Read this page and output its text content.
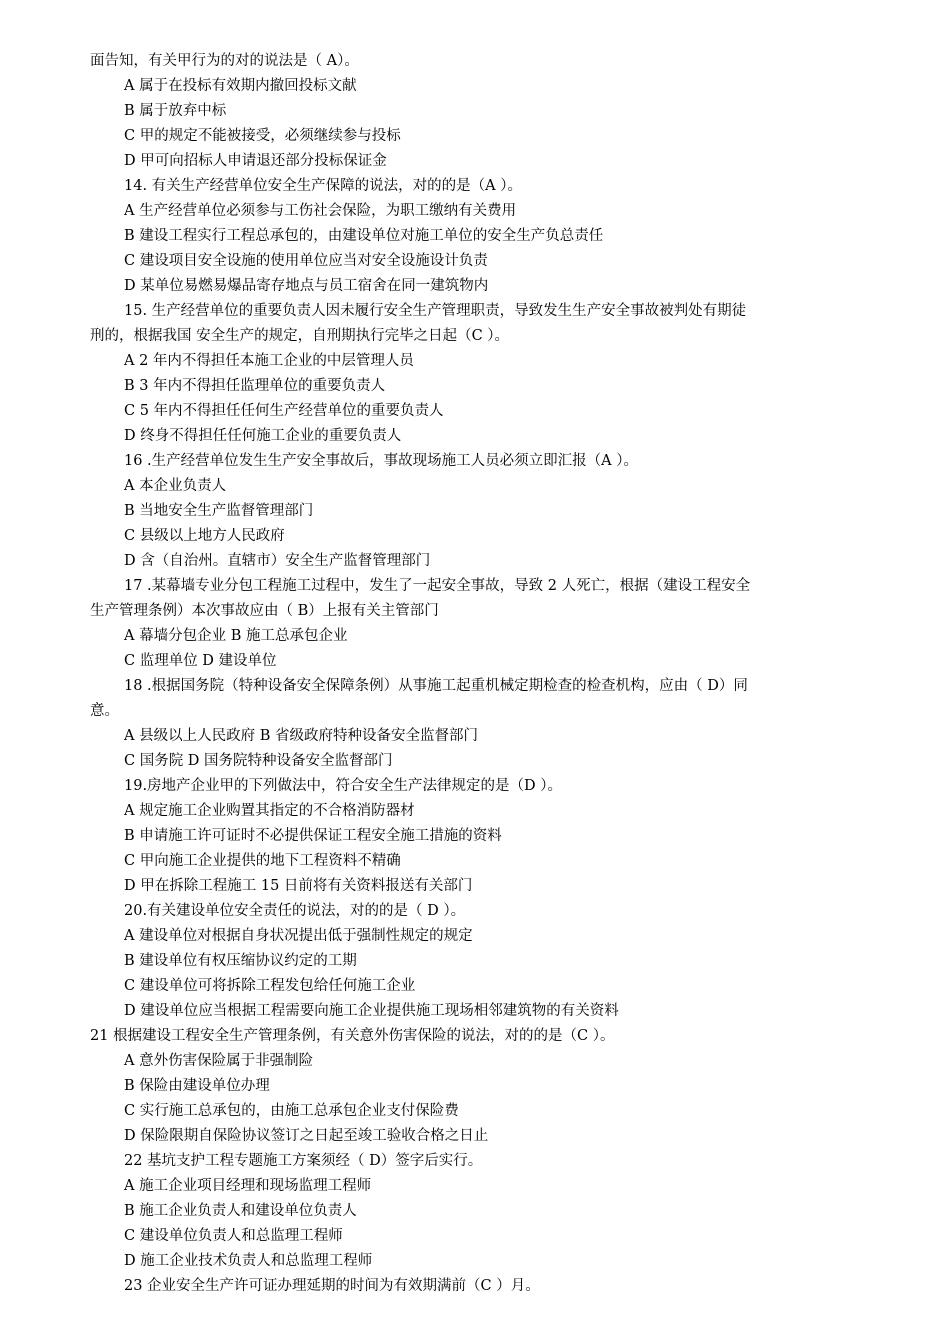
面告知，有关甲行为的对的说法是（ A）。
A 属于在投标有效期内撤回投标文献
B 属于放弃中标
C 甲的规定不能被接受，必须继续参与投标
D 甲可向招标人申请退还部分投标保证金
14. 有关生产经营单位安全生产保障的说法，对的的是（A ）。
A 生产经营单位必须参与工伤社会保险，为职工缴纳有关费用
B 建设工程实行工程总承包的，由建设单位对施工单位的安全生产负总责任
C 建设项目安全设施的使用单位应当对安全设施设计负责
D 某单位易燃易爆品寄存地点与员工宿舍在同一建筑物内
15. 生产经营单位的重要负责人因未履行安全生产管理职责，导致发生生产安全事故被判处有期徒
刑的，根据我国 安全生产的规定，自刑期执行完毕之日起（C ）。
A 2 年内不得担任本施工企业的中层管理人员
B 3 年内不得担任监理单位的重要负责人
C 5 年内不得担任任何生产经营单位的重要负责人
D 终身不得担任任何施工企业的重要负责人
16 .生产经营单位发生生产安全事故后，事故现场施工人员必须立即汇报（A ）。
A 本企业负责人
B 当地安全生产监督管理部门
C 县级以上地方人民政府
D 含（自治州。直辖市）安全生产监督管理部门
17 .某幕墙专业分包工程施工过程中，发生了一起安全事故，导致 2 人死亡，根据（建设工程安全
生产管理条例）本次事故应由（ B）上报有关主管部门
A 幕墙分包企业 B 施工总承包企业
C 监理单位 D 建设单位
18 .根据国务院（特种设备安全保障条例）从事施工起重机械定期检查的检查机构，应由（ D）同
意。
A 县级以上人民政府 B 省级政府特种设备安全监督部门
C 国务院 D 国务院特种设备安全监督部门
19.房地产企业甲的下列做法中，符合安全生产法律规定的是（D ）。
A 规定施工企业购置其指定的不合格消防器材
B 申请施工许可证时不必提供保证工程安全施工措施的资料
C 甲向施工企业提供的地下工程资料不精确
D 甲在拆除工程施工 15 日前将有关资料报送有关部门
20.有关建设单位安全责任的说法，对的的是（ D ）。
A 建设单位对根据自身状况提出低于强制性规定的规定
B 建设单位有权压缩协议约定的工期
C 建设单位可将拆除工程发包给任何施工企业
D 建设单位应当根据工程需要向施工企业提供施工现场相邻建筑物的有关资料
21 根据建设工程安全生产管理条例，有关意外伤害保险的说法，对的的是（C ）。
A 意外伤害保险属于非强制险
B 保险由建设单位办理
C 实行施工总承包的，由施工总承包企业支付保险费
D 保险限期自保险协议签订之日起至竣工验收合格之日止
22 基坑支护工程专题施工方案须经（ D）签字后实行。
A 施工企业项目经理和现场监理工程师
B 施工企业负责人和建设单位负责人
C 建设单位负责人和总监理工程师
D 施工企业技术负责人和总监理工程师
23 企业安全生产许可证办理延期的时间为有效期满前（C ）月。
